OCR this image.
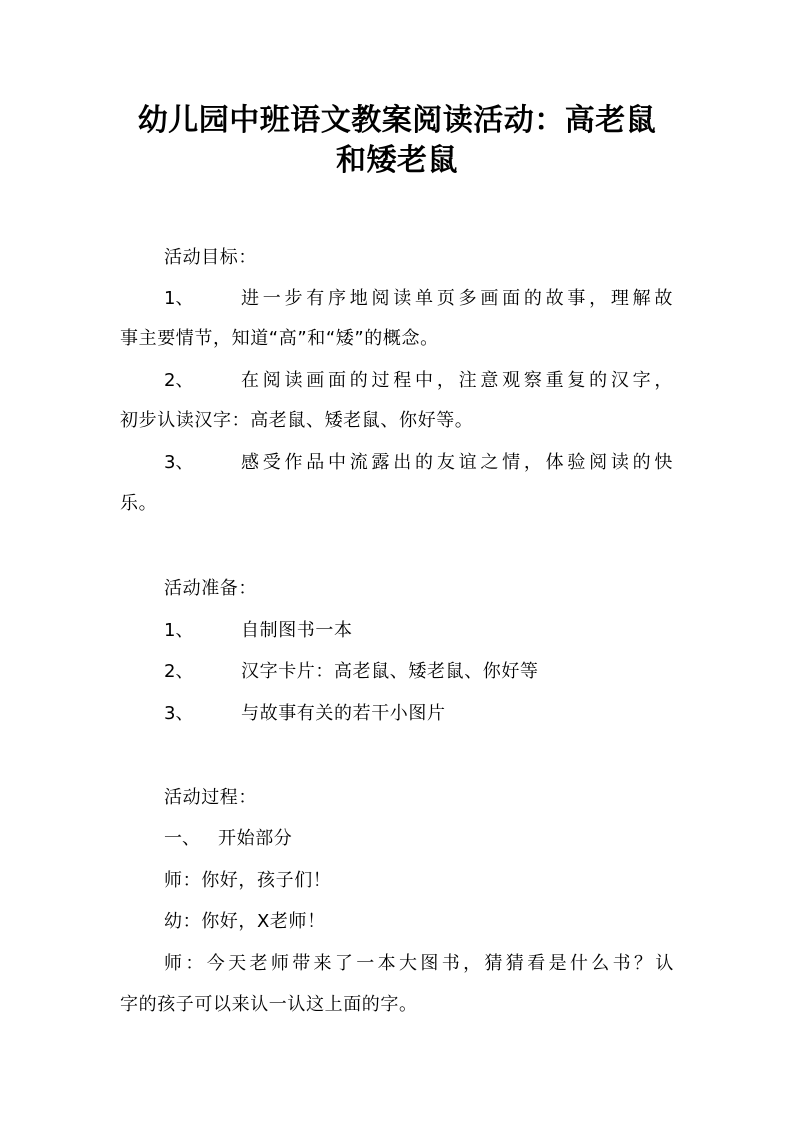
幼儿园中班语文教案阅读活动：高老鼠
和矮老鼠
活动目标：
1、	进一步有序地阅读单页多画面的故事，理解故
事主要情节，知道“高”和“矮”的概念。
2、	在阅读画面的过程中，注意观察重复的汉字，
初步认读汉字：高老鼠、矮老鼠、你好等。
3、	感受作品中流露出的友谊之情，体验阅读的快
乐。
活动准备：
1、	自制图书一本
2、	汉字卡片：高老鼠、矮老鼠、你好等
3、	与故事有关的若干小图片
活动过程：
一、 开始部分
师：你好，孩子们！
幼：你好，X老师！
师：今天老师带来了一本大图书，猜猜看是什么书？认
字的孩子可以来认一认这上面的字。
